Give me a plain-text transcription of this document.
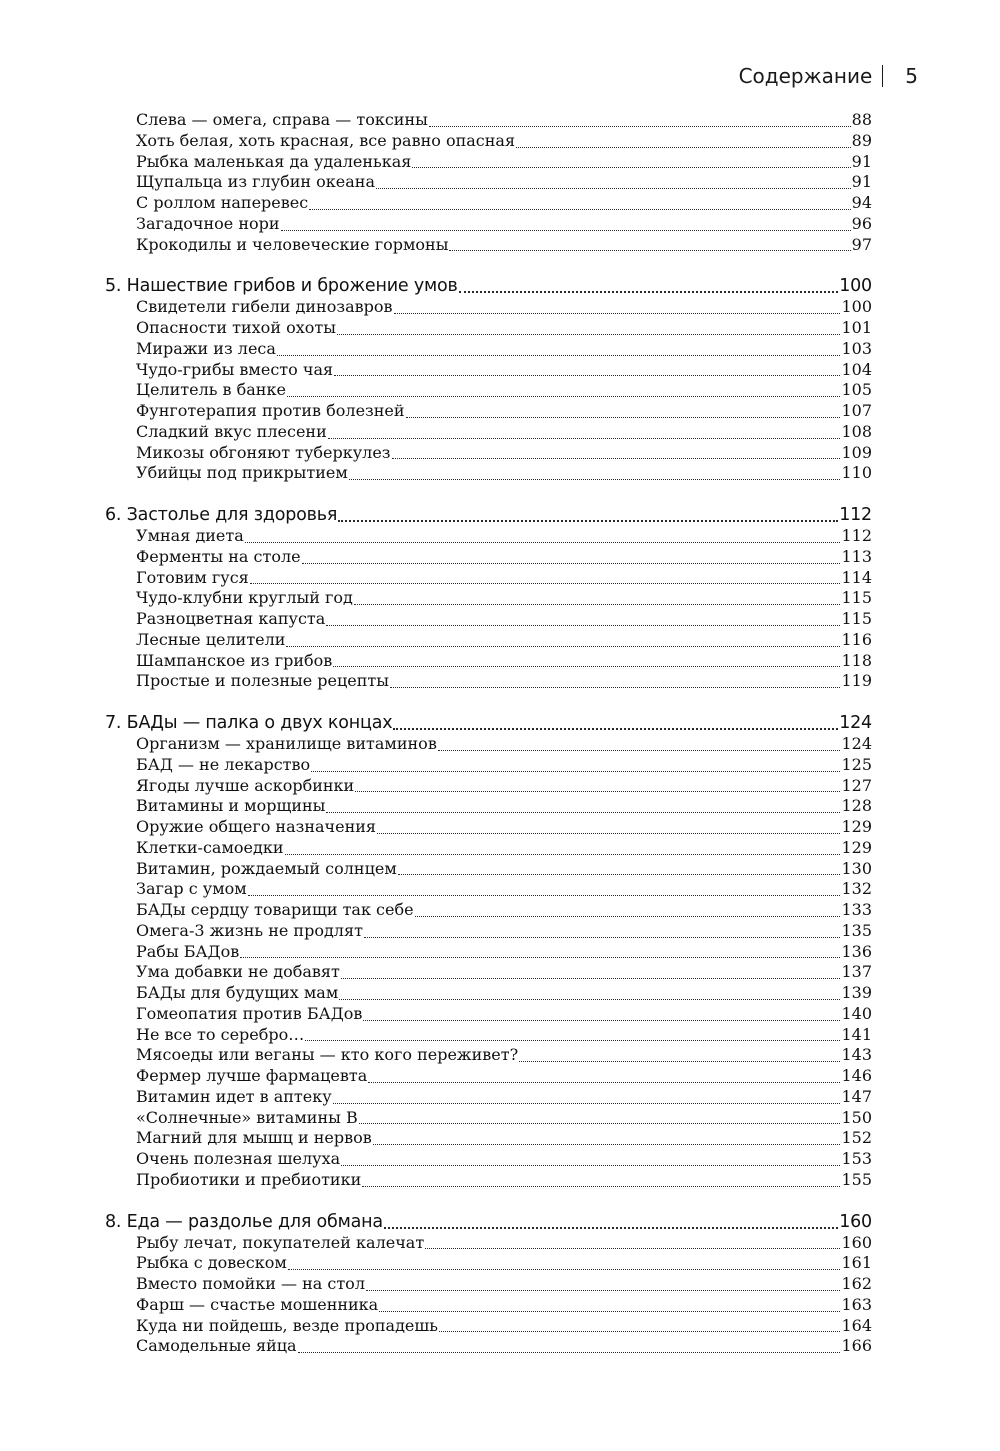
Содержание 5
Слева — омега, справа — токсины	88
Хоть белая, хоть красная, все равно опасная	89
Рыбка маленькая да удаленькая	91
Щупальца из глубин океана	91
С роллом наперевес	94
Загадочное нори	96
Крокодилы и человеческие гормоны	97
5. Нашествие грибов и брожение умов	100
Свидетели гибели динозавров	100
Опасности тихой охоты	101
Миражи из леса	103
Чудо-грибы вместо чая	104
Целитель в банке	105
Фунготерапия против болезней	107
Сладкий вкус плесени	108
Микозы обгоняют туберкулез	109
Убийцы под прикрытием	110
6. Застолье для здоровья	112
Умная диета	112
Ферменты на столе	113
Готовим гуся	114
Чудо-клубни круглый год	115
Разноцветная капуста	115
Лесные целители	116
Шампанское из грибов	118
Простые и полезные рецепты	119
7. БАДы — палка о двух концах	124
Организм — хранилище витаминов	124
БАД — не лекарство	125
Ягоды лучше аскорбинки	127
Витамины и морщины	128
Оружие общего назначения	129
Клетки-самоедки	129
Витамин, рождаемый солнцем	130
Загар с умом	132
БАДы сердцу товарищи так себе	133
Омега-3 жизнь не продлят	135
Рабы БАДов	136
Ума добавки не добавят	137
БАДы для будущих мам	139
Гомеопатия против БАДов	140
Не все то серебро…	141
Мясоеды или веганы — кто кого переживет?	143
Фермер лучше фармацевта	146
Витамин идет в аптеку	147
«Солнечные» витамины В	150
Магний для мышц и нервов	152
Очень полезная шелуха	153
Пробиотики и пребиотики	155
8. Еда — раздолье для обмана	160
Рыбу лечат, покупателей калечат	160
Рыбка с довеском	161
Вместо помойки — на стол	162
Фарш — счастье мошенника	163
Куда ни пойдешь, везде пропадешь	164
Самодельные яйца	166
